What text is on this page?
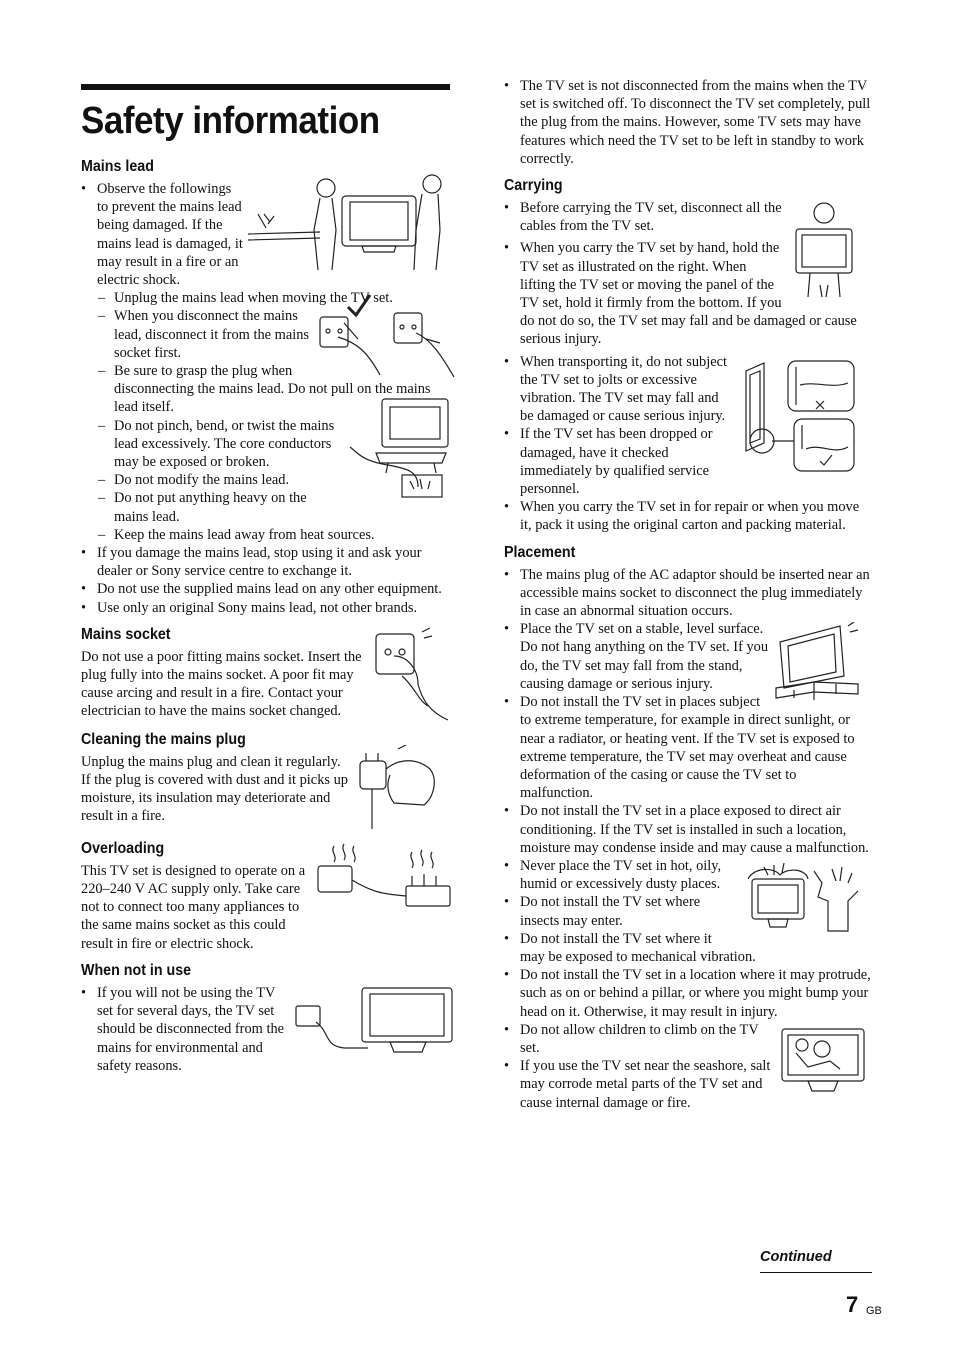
Safety information
Mains lead
• Observe the followings to prevent the mains lead being damaged. If the mains lead is damaged, it may result in a fire or an electric shock.
– Unplug the mains lead when moving the TV set.
– When you disconnect the mains lead, disconnect it from the mains socket first.
– Be sure to grasp the plug when disconnecting the mains lead. Do not pull on the mains lead itself.
– Do not pinch, bend, or twist the mains lead excessively. The core conductors may be exposed or broken.
– Do not modify the mains lead.
– Do not put anything heavy on the mains lead.
– Keep the mains lead away from heat sources.
• If you damage the mains lead, stop using it and ask your dealer or Sony service centre to exchange it.
• Do not use the supplied mains lead on any other equipment.
• Use only an original Sony mains lead, not other brands.
Mains socket

Do not use a poor fitting mains socket. Insert the plug fully into the mains socket. A poor fit may cause arcing and result in a fire. Contact your electrician to have the mains socket changed.

Cleaning the mains plug

Unplug the mains plug and clean it regularly. If the plug is covered with dust and it picks up moisture, its insulation may deteriorate and result in a fire.

Overloading

This TV set is designed to operate on a 220–240 V AC supply only. Take care not to connect too many appliances to the same mains socket as this could result in fire or electric shock.

When not in use
• If you will not be using the TV set for several days, the TV set should be disconnected from the mains for environmental and safety reasons.
• The TV set is not disconnected from the mains when the TV set is switched off. To disconnect the TV set completely, pull the plug from the mains. However, some TV sets may have features which need the TV set to be left in standby to work correctly.
Carrying
• Before carrying the TV set, disconnect all the cables from the TV set.
• When you carry the TV set by hand, hold the TV set as illustrated on the right. When lifting the TV set or moving the panel of the TV set, hold it firmly from the bottom. If you do not do so, the TV set may fall and be damaged or cause serious injury.
• When transporting it, do not subject the TV set to jolts or excessive vibration. The TV set may fall and be damaged or cause serious injury.
• If the TV set has been dropped or damaged, have it checked immediately by qualified service personnel.
• When you carry the TV set in for repair or when you move it, pack it using the original carton and packing material.
Placement
• The mains plug of the AC adaptor should be inserted near an accessible mains socket to disconnect the plug immediately in case an abnormal situation occurs.
• Place the TV set on a stable, level surface. Do not hang anything on the TV set. If you do, the TV set may fall from the stand, causing damage or serious injury.
• Do not install the TV set in places subject to extreme temperature, for example in direct sunlight, or near a radiator, or heating vent. If the TV set is exposed to extreme temperature, the TV set may overheat and cause deformation of the casing or cause the TV set to malfunction.
• Do not install the TV set in a place exposed to direct air conditioning. If the TV set is installed in such a location, moisture may condense inside and may cause a malfunction.
• Never place the TV set in hot, oily, humid or excessively dusty places.
• Do not install the TV set where insects may enter.
• Do not install the TV set where it may be exposed to mechanical vibration.
• Do not install the TV set in a location where it may protrude, such as on or behind a pillar, or where you might bump your head on it. Otherwise, it may result in injury.
• Do not allow children to climb on the TV set.
• If you use the TV set near the seashore, salt may corrode metal parts of the TV set and cause internal damage or fire.
Continued
7 GB
